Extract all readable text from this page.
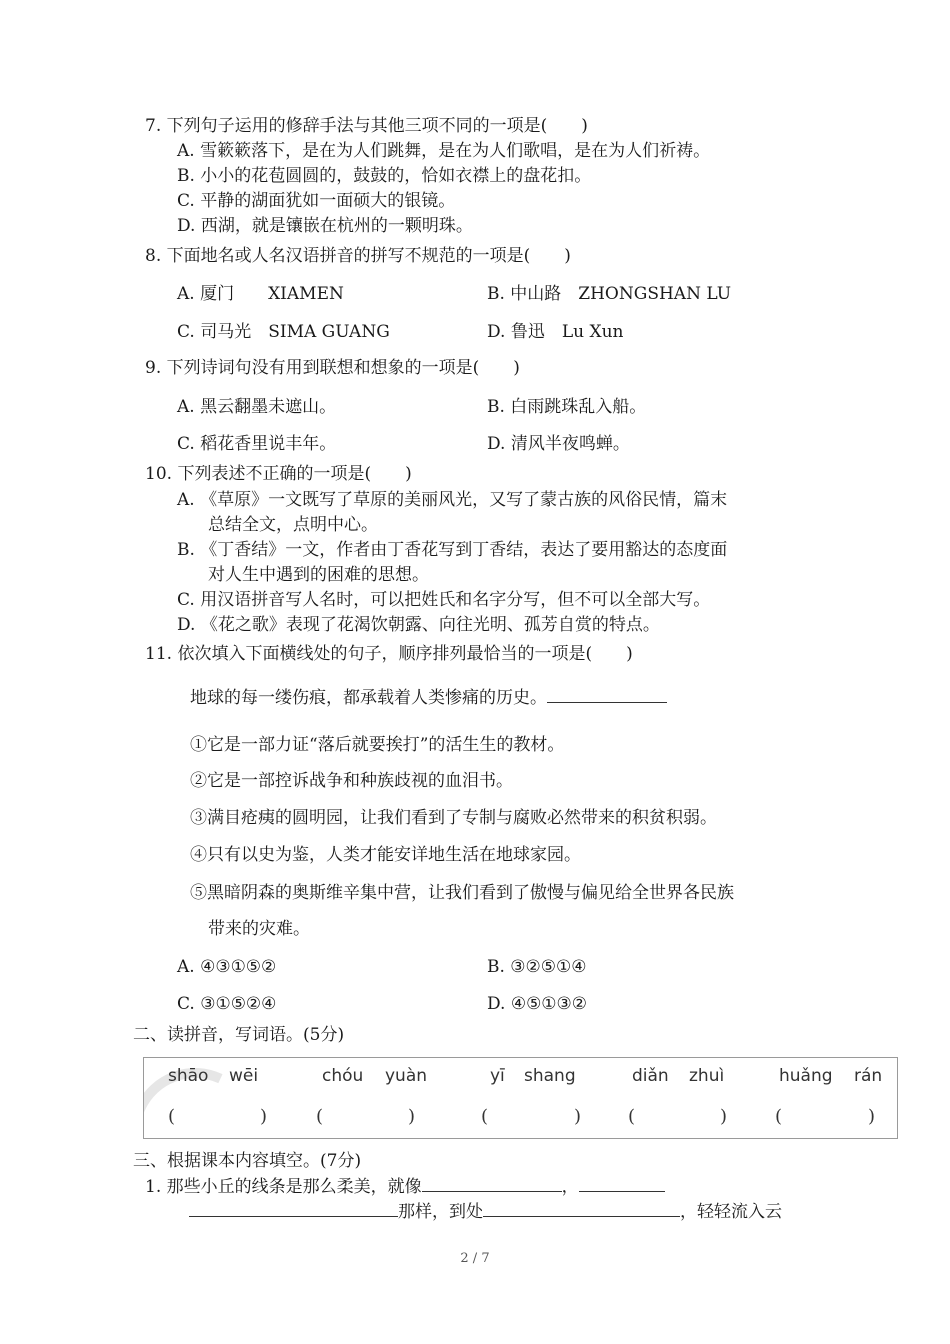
7. 下列句子运用的修辞手法与其他三项不同的一项是(　　)
A. 雪簌簌落下，是在为人们跳舞，是在为人们歌唱，是在为人们祈祷。
B. 小小的花苞圆圆的，鼓鼓的，恰如衣襟上的盘花扣。
C. 平静的湖面犹如一面硕大的银镜。
D. 西湖，就是镶嵌在杭州的一颗明珠。
8. 下面地名或人名汉语拼音的拼写不规范的一项是(　　)
A. 厦门　　XIAMEN	B. 中山路　ZHONGSHAN LU
C. 司马光　SIMA GUANG	D. 鲁迅　Lu Xun
9. 下列诗词句没有用到联想和想象的一项是(　　)
A. 黑云翻墨未遮山。	B. 白雨跳珠乱入船。
C. 稻花香里说丰年。	D. 清风半夜鸣蝉。
10. 下列表述不正确的一项是(　　)
A. 《草原》一文既写了草原的美丽风光，又写了蒙古族的风俗民情，篇末
总结全文，点明中心。
B. 《丁香结》一文，作者由丁香花写到丁香结，表达了要用豁达的态度面
对人生中遇到的困难的思想。
C. 用汉语拼音写人名时，可以把姓氏和名字分写，但不可以全部大写。
D. 《花之歌》表现了花渴饮朝露、向往光明、孤芳自赏的特点。
11. 依次填入下面横线处的句子，顺序排列最恰当的一项是(　　)
地球的每一缕伤痕，都承载着人类惨痛的历史。
①它是一部力证“落后就要挨打”的活生生的教材。
②它是一部控诉战争和种族歧视的血泪书。
③满目疮痍的圆明园，让我们看到了专制与腐败必然带来的积贫积弱。
④只有以史为鉴，人类才能安详地生活在地球家园。
⑤黑暗阴森的奥斯维辛集中营，让我们看到了傲慢与偏见给全世界各民族
带来的灾难。
A. ④③①⑤②	B. ③②⑤①④
C. ③①⑤②④	D. ④⑤①③②
二、读拼音，写词语。(5分)
shāo wēi	chóu yuàn	yī shang	diǎn zhuì	huǎng rán
(	)	(	)	(	)	(	)	(	)
三、根据课本内容填空。(7分)
1. 那些小丘的线条是那么柔美，就像	，
那样，到处	，轻轻流入云
2 / 7
